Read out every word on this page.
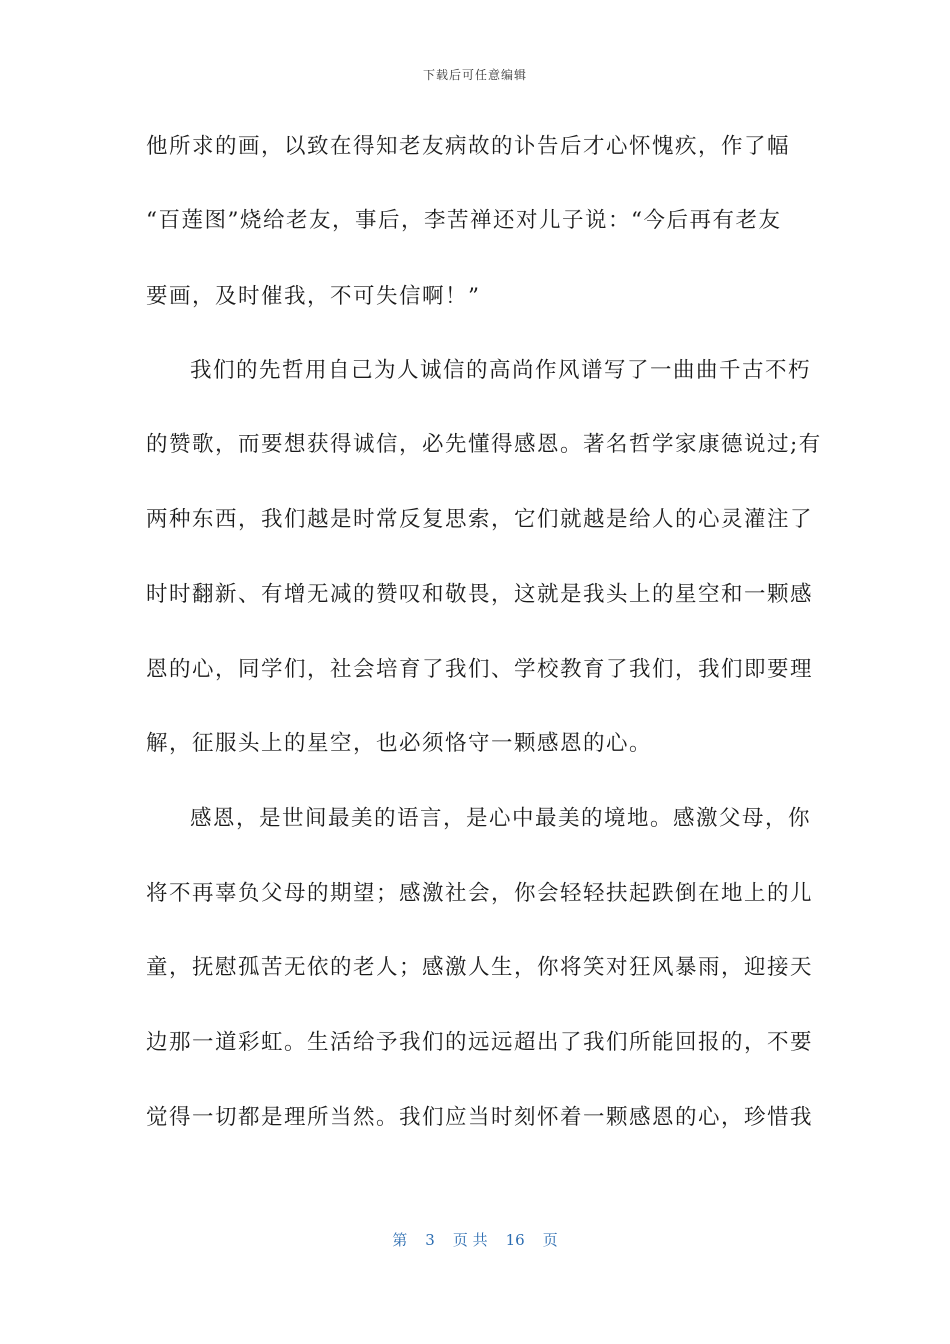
下载后可任意编辑
他所求的画，以致在得知老友病故的讣告后才心怀愧疚，作了幅
“百莲图”烧给老友，事后，李苦禅还对儿子说：“今后再有老友
要画，及时催我，不可失信啊！”
我们的先哲用自己为人诚信的高尚作风谱写了一曲曲千古不朽
的赞歌，而要想获得诚信，必先懂得感恩。著名哲学家康德说过;有
两种东西，我们越是时常反复思索，它们就越是给人的心灵灌注了
时时翻新、有增无减的赞叹和敬畏，这就是我头上的星空和一颗感
恩的心，同学们，社会培育了我们、学校教育了我们，我们即要理
解，征服头上的星空，也必须恪守一颗感恩的心。
感恩，是世间最美的语言，是心中最美的境地。感激父母，你
将不再辜负父母的期望；感激社会，你会轻轻扶起跌倒在地上的儿
童，抚慰孤苦无依的老人；感激人生，你将笑对狂风暴雨，迎接天
边那一道彩虹。生活给予我们的远远超出了我们所能回报的，不要
觉得一切都是理所当然。我们应当时刻怀着一颗感恩的心，珍惜我
第 3 页 共 16 页
